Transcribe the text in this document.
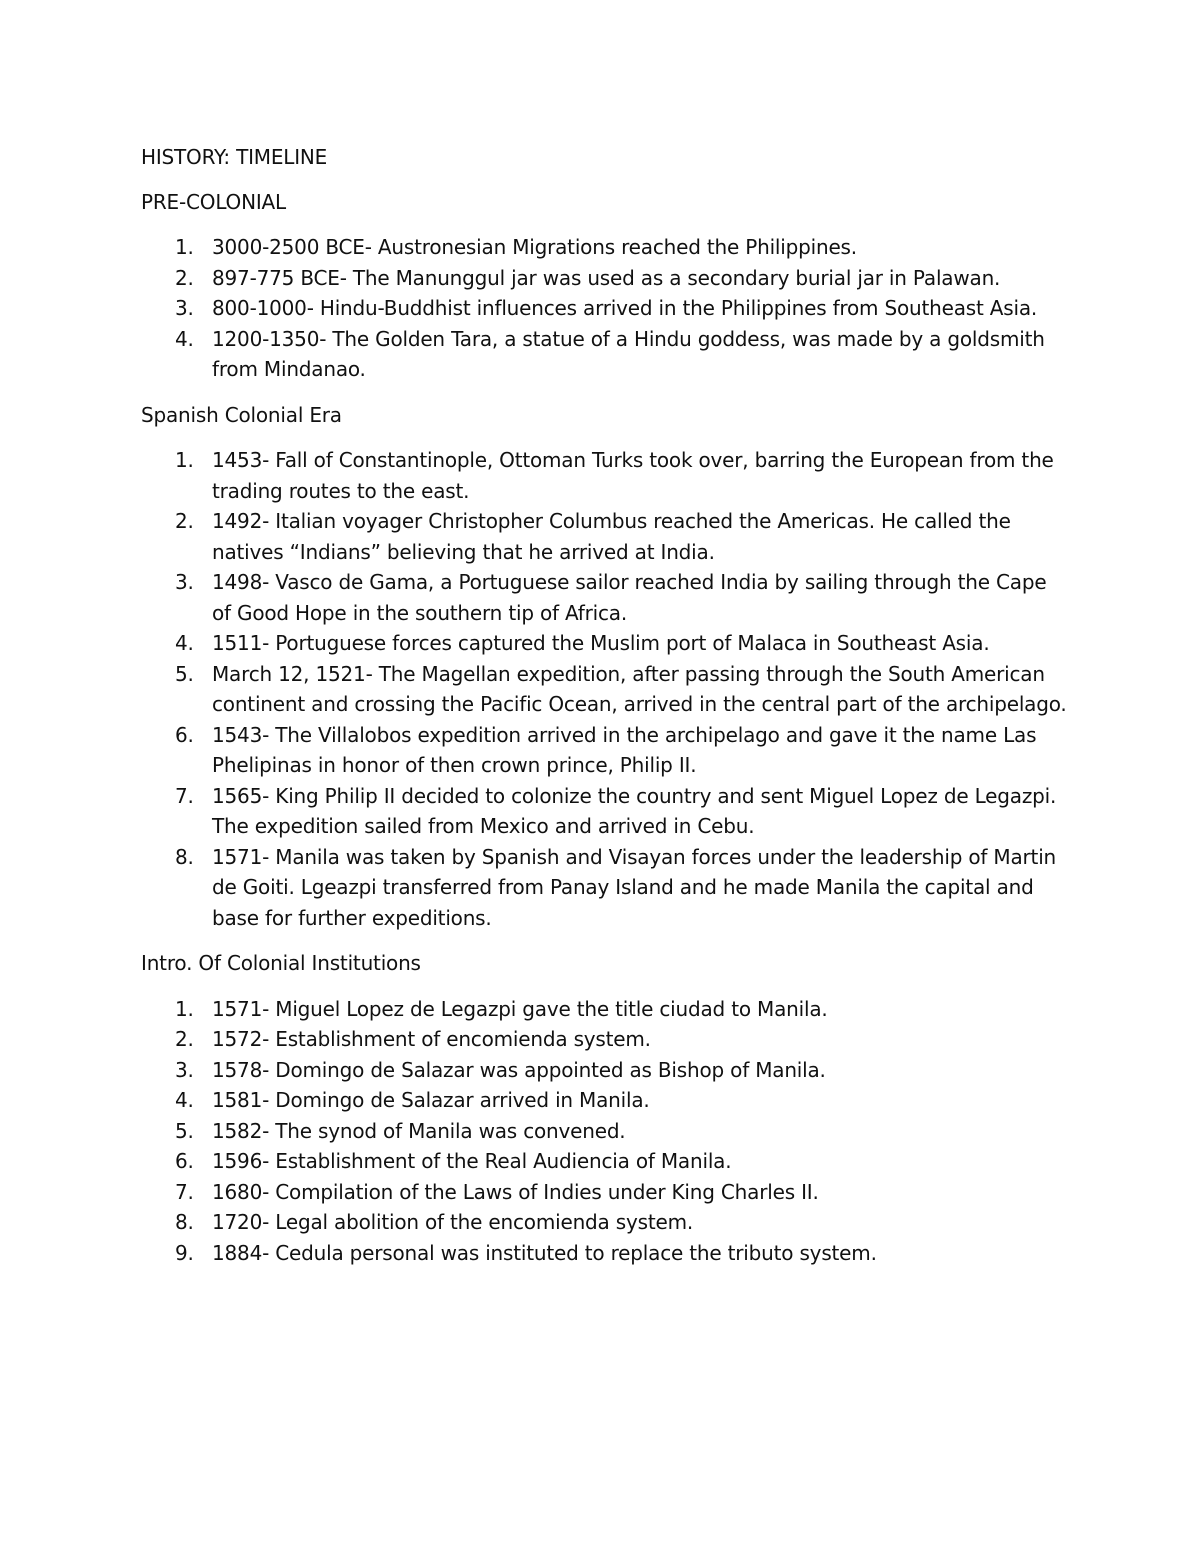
HISTORY: TIMELINE

PRE-COLONIAL

1. 3000-2500 BCE- Austronesian Migrations reached the Philippines.
2. 897-775 BCE- The Manunggul jar was used as a secondary burial jar in Palawan.
3. 800-1000- Hindu-Buddhist influences arrived in the Philippines from Southeast Asia.
4. 1200-1350- The Golden Tara, a statue of a Hindu goddess, was made by a goldsmith from Mindanao.

Spanish Colonial Era

1. 1453- Fall of Constantinople, Ottoman Turks took over, barring the European from the trading routes to the east.
2. 1492- Italian voyager Christopher Columbus reached the Americas. He called the natives “Indians” believing that he arrived at India.
3. 1498- Vasco de Gama, a Portuguese sailor reached India by sailing through the Cape of Good Hope in the southern tip of Africa.
4. 1511- Portuguese forces captured the Muslim port of Malaca in Southeast Asia.
5. March 12, 1521- The Magellan expedition, after passing through the South American continent and crossing the Pacific Ocean, arrived in the central part of the archipelago.
6. 1543- The Villalobos expedition arrived in the archipelago and gave it the name Las Phelipinas in honor of then crown prince, Philip II.
7. 1565- King Philip II decided to colonize the country and sent Miguel Lopez de Legazpi. The expedition sailed from Mexico and arrived in Cebu.
8. 1571- Manila was taken by Spanish and Visayan forces under the leadership of Martin de Goiti. Lgeazpi transferred from Panay Island and he made Manila the capital and base for further expeditions.

Intro. Of Colonial Institutions

1. 1571- Miguel Lopez de Legazpi gave the title ciudad to Manila.
2. 1572- Establishment of encomienda system.
3. 1578- Domingo de Salazar was appointed as Bishop of Manila.
4. 1581- Domingo de Salazar arrived in Manila.
5. 1582- The synod of Manila was convened.
6. 1596- Establishment of the Real Audiencia of Manila.
7. 1680- Compilation of the Laws of Indies under King Charles II.
8. 1720- Legal abolition of the encomienda system.
9. 1884- Cedula personal was instituted to replace the tributo system.
